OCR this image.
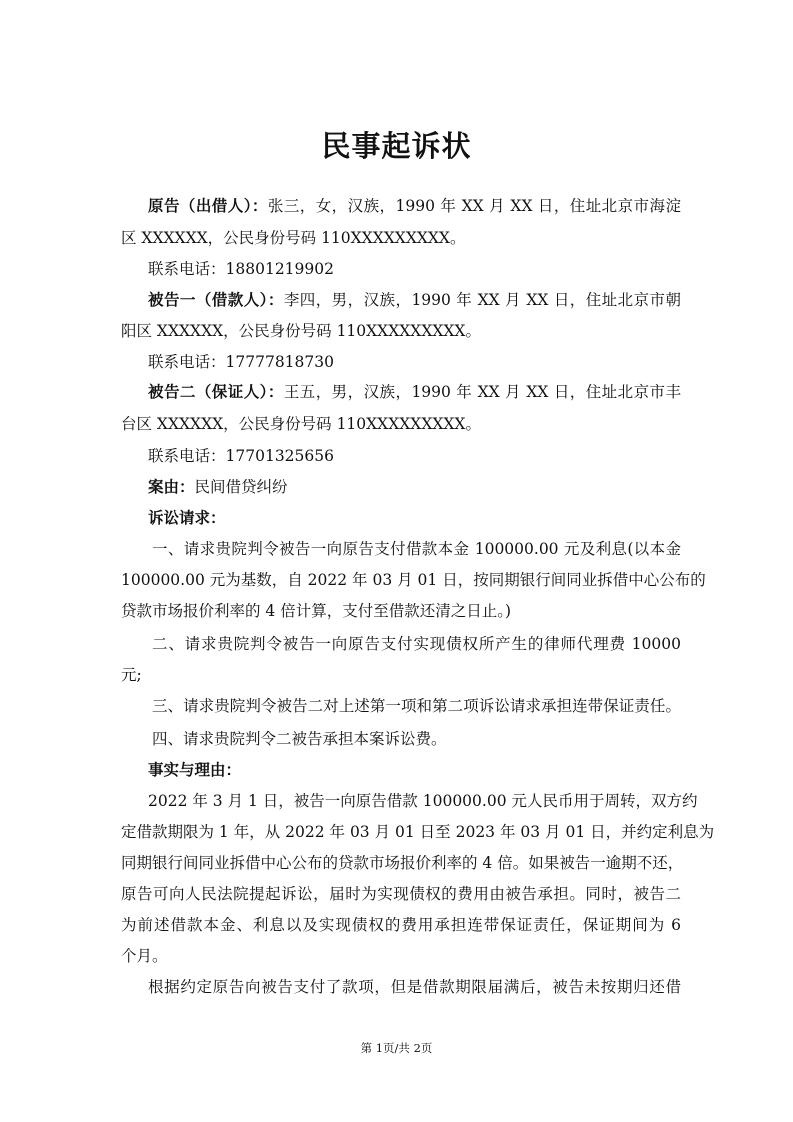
民事起诉状
原告（出借人）：张三，女，汉族，1990 年 XX 月 XX 日，住址北京市海淀
区 XXXXXX，公民身份号码 110XXXXXXXXX。
联系电话：18801219902
被告一（借款人）：李四，男，汉族，1990 年 XX 月 XX 日，住址北京市朝
阳区 XXXXXX，公民身份号码 110XXXXXXXXX。
联系电话：17777818730
被告二（保证人）：王五，男，汉族，1990 年 XX 月 XX 日，住址北京市丰
台区 XXXXXX，公民身份号码 110XXXXXXXXX。
联系电话：17701325656
案由：民间借贷纠纷
诉讼请求：
一、请求贵院判令被告一向原告支付借款本金 100000.00 元及利息(以本金
100000.00 元为基数，自 2022 年 03 月 01 日，按同期银行间同业拆借中心公布的
贷款市场报价利率的 4 倍计算，支付至借款还清之日止。)
二、请求贵院判令被告一向原告支付实现债权所产生的律师代理费 10000
元;
三、请求贵院判令被告二对上述第一项和第二项诉讼请求承担连带保证责任。
四、请求贵院判令二被告承担本案诉讼费。
事实与理由：
2022 年 3 月 1 日，被告一向原告借款 100000.00 元人民币用于周转，双方约
定借款期限为 1 年，从 2022 年 03 月 01 日至 2023 年 03 月 01 日，并约定利息为
同期银行间同业拆借中心公布的贷款市场报价利率的 4 倍。如果被告一逾期不还，
原告可向人民法院提起诉讼，届时为实现债权的费用由被告承担。同时，被告二
为前述借款本金、利息以及实现债权的费用承担连带保证责任，保证期间为 6
个月。
根据约定原告向被告支付了款项，但是借款期限届满后，被告未按期归还借
第 1页/共 2页
